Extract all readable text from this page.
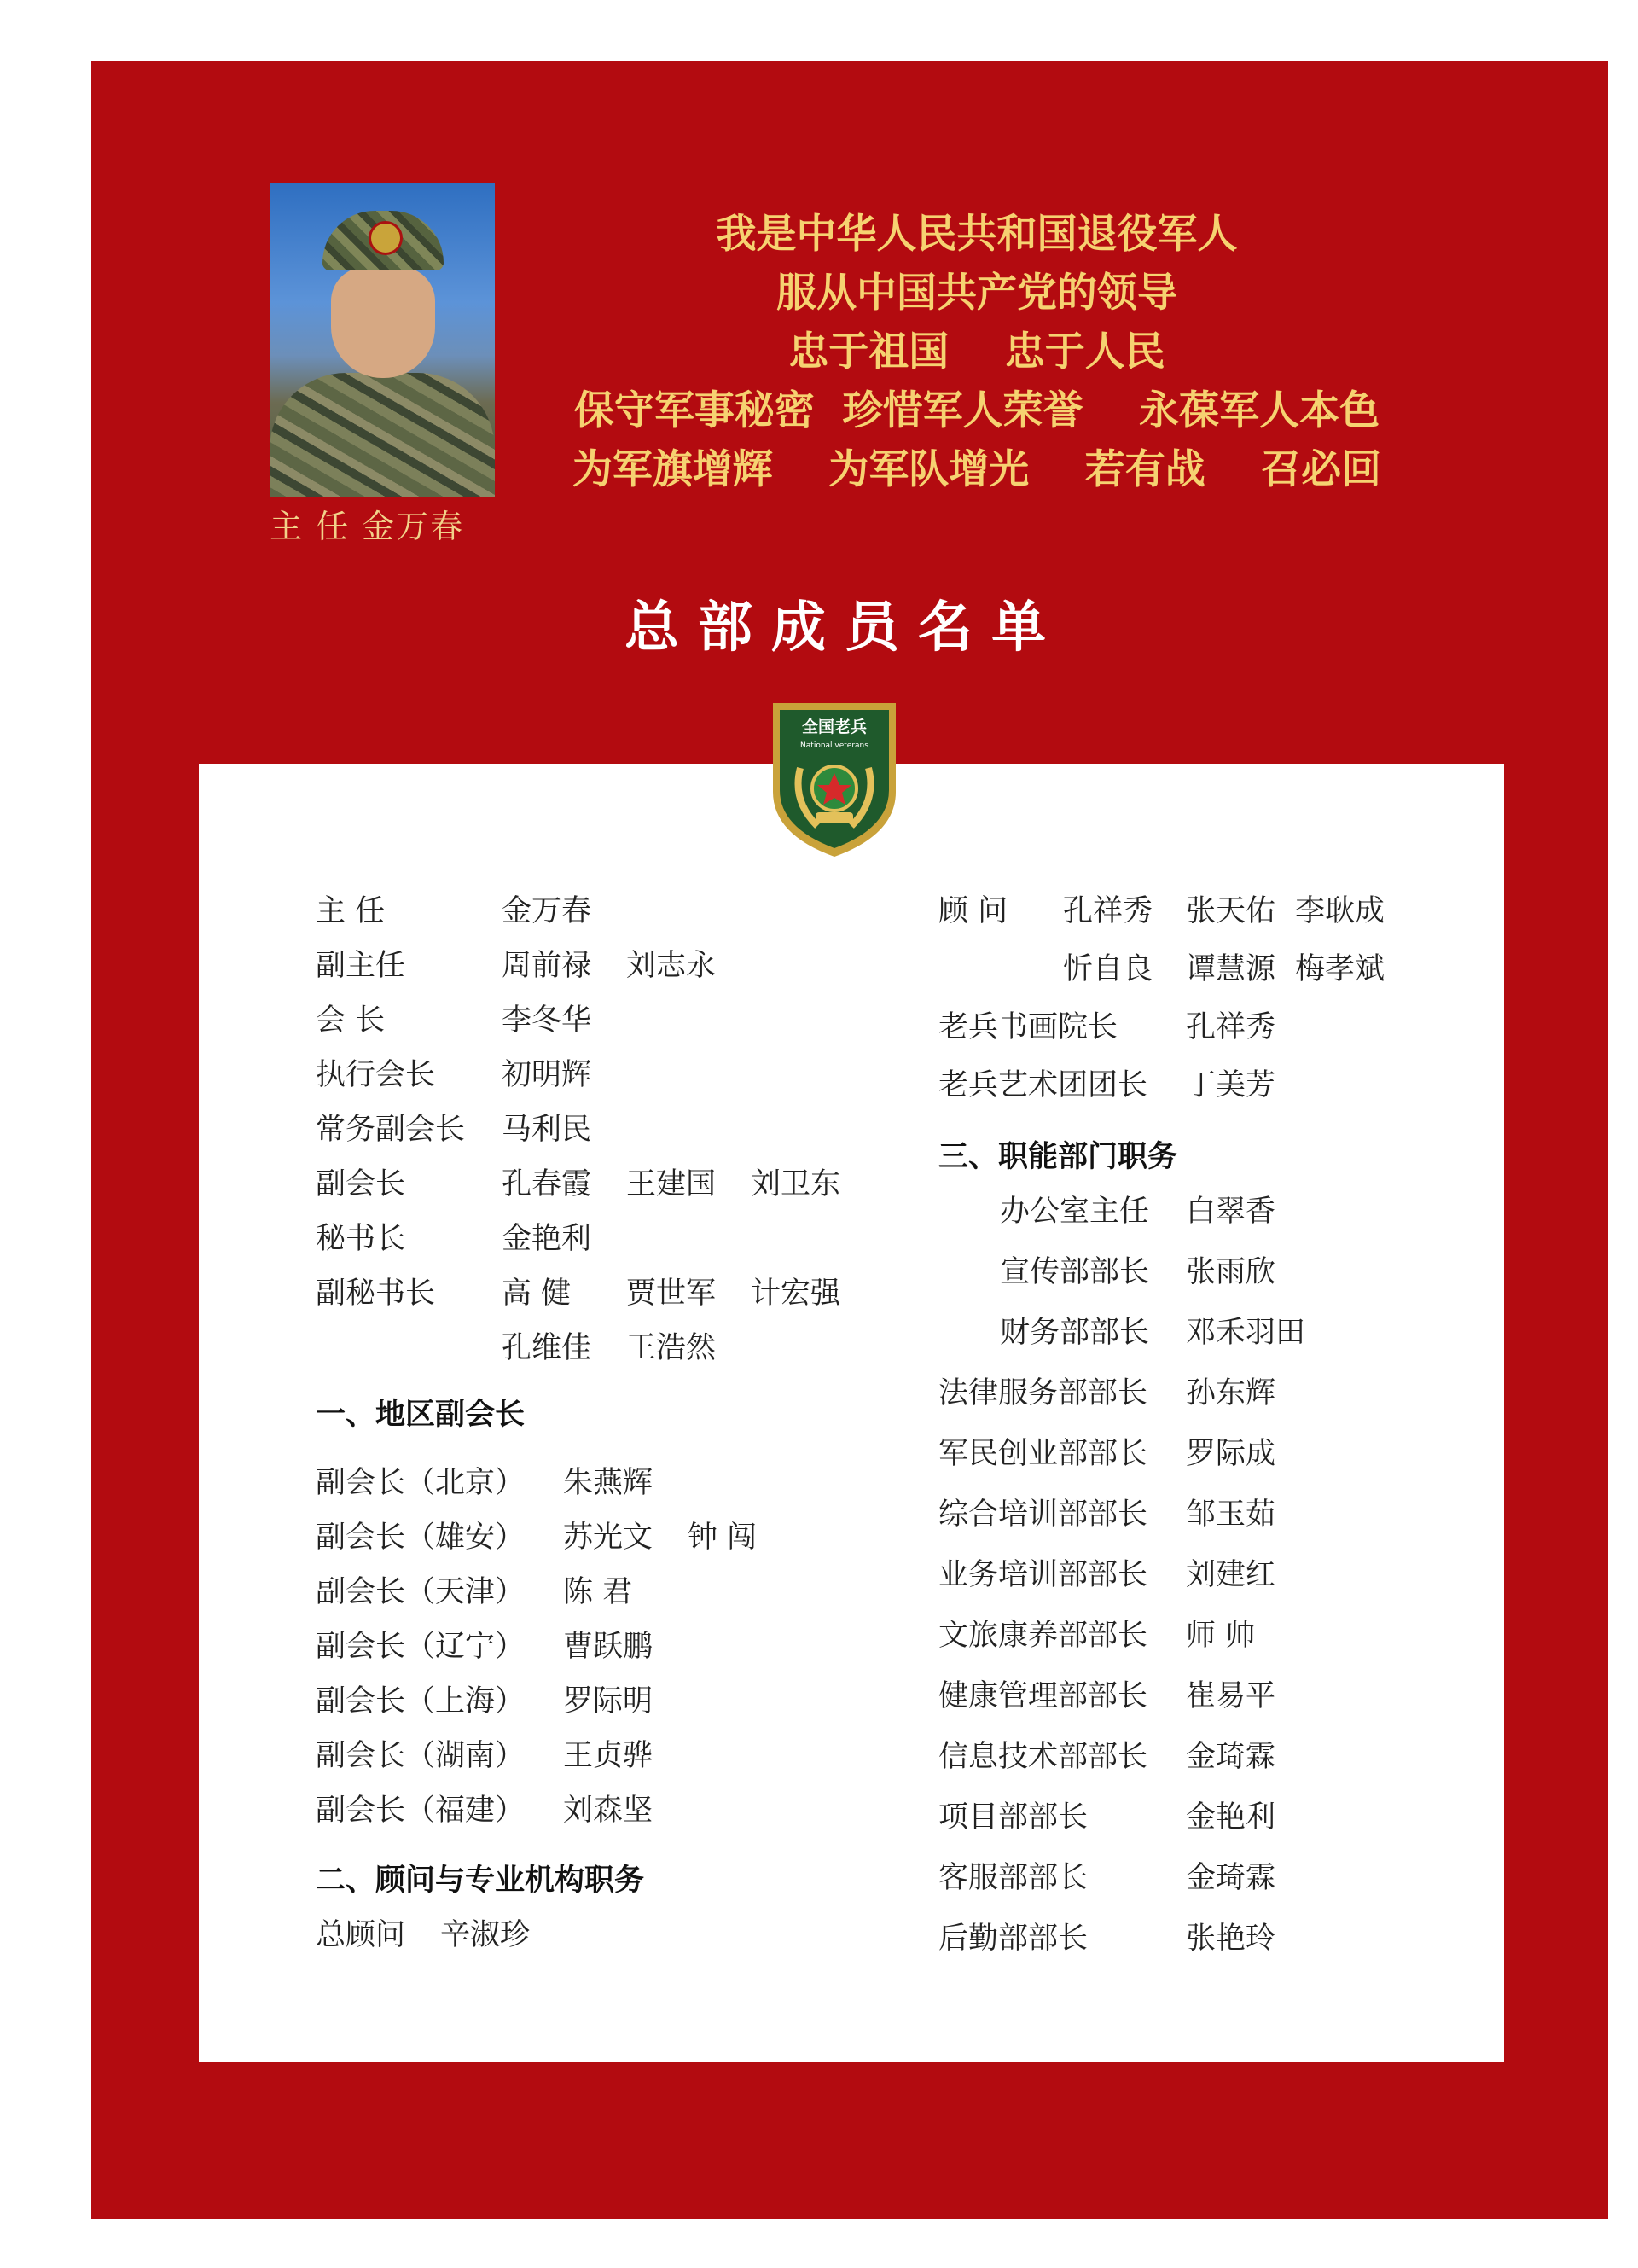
主 任 金万春
我是中华人民共和国退役军人
服从中国共产党的领导
忠于祖国    忠于人民
保守军事秘密  珍惜军人荣誉    永葆军人本色
为军旗增辉    为军队增光    若有战    召必回
总部成员名单
全国老兵
National veterans
主 任	金万春
副主任	周前禄 刘志永
会 长	李冬华
执行会长 初明辉
常务副会长 马利民
副会长	孔春霞 王建国 刘卫东
秘书长	金艳利
副秘书长 高 健 贾世军 计宏强
孔维佳 王浩然
一、地区副会长
副会长（北京） 朱燕辉
副会长（雄安） 苏光文 钟 闯
副会长（天津） 陈 君
副会长（辽宁） 曹跃鹏
副会长（上海） 罗际明
副会长（湖南） 王贞骅
副会长（福建） 刘森坚
二、顾问与专业机构职务
总顾问 辛淑珍
顾 问 孔祥秀 张天佑 李耿成
忻自良 谭慧源 梅孝斌
老兵书画院长 孔祥秀
老兵艺术团团长 丁美芳
三、职能部门职务
办公室主任 白翠香
宣传部部长 张雨欣
财务部部长 邓禾羽田
法律服务部部长 孙东辉
军民创业部部长 罗际成
综合培训部部长 邹玉茹
业务培训部部长 刘建红
文旅康养部部长 师 帅
健康管理部部长 崔易平
信息技术部部长 金琦霖
项目部部长	金艳利
客服部部长	金琦霖
后勤部部长	张艳玲
